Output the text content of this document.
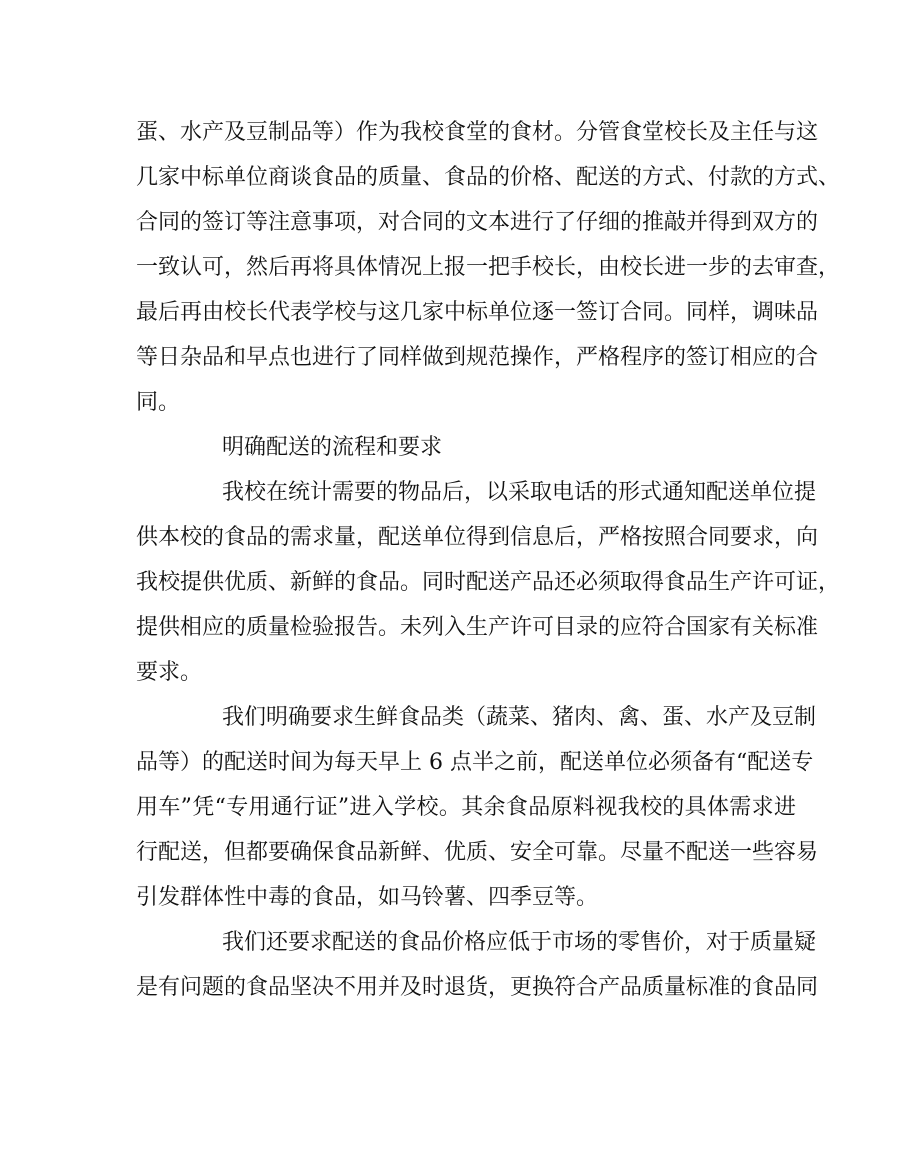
蛋、水产及豆制品等）作为我校食堂的食材。分管食堂校长及主任与这
几家中标单位商谈食品的质量、食品的价格、配送的方式、付款的方式、
合同的签订等注意事项，对合同的文本进行了仔细的推敲并得到双方的
一致认可，然后再将具体情况上报一把手校长，由校长进一步的去审查，
最后再由校长代表学校与这几家中标单位逐一签订合同。同样，调味品
等日杂品和早点也进行了同样做到规范操作，严格程序的签订相应的合
同。
明确配送的流程和要求
我校在统计需要的物品后，以采取电话的形式通知配送单位提
供本校的食品的需求量，配送单位得到信息后，严格按照合同要求，向
我校提供优质、新鲜的食品。同时配送产品还必须取得食品生产许可证，
提供相应的质量检验报告。未列入生产许可目录的应符合国家有关标准
要求。
我们明确要求生鲜食品类（蔬菜、猪肉、禽、蛋、水产及豆制
品等）的配送时间为每天早上 6 点半之前，配送单位必须备有“配送专
用车”凭“专用通行证”进入学校。其余食品原料视我校的具体需求进
行配送，但都要确保食品新鲜、优质、安全可靠。尽量不配送一些容易
引发群体性中毒的食品，如马铃薯、四季豆等。
我们还要求配送的食品价格应低于市场的零售价，对于质量疑
是有问题的食品坚决不用并及时退货，更换符合产品质量标准的食品同
